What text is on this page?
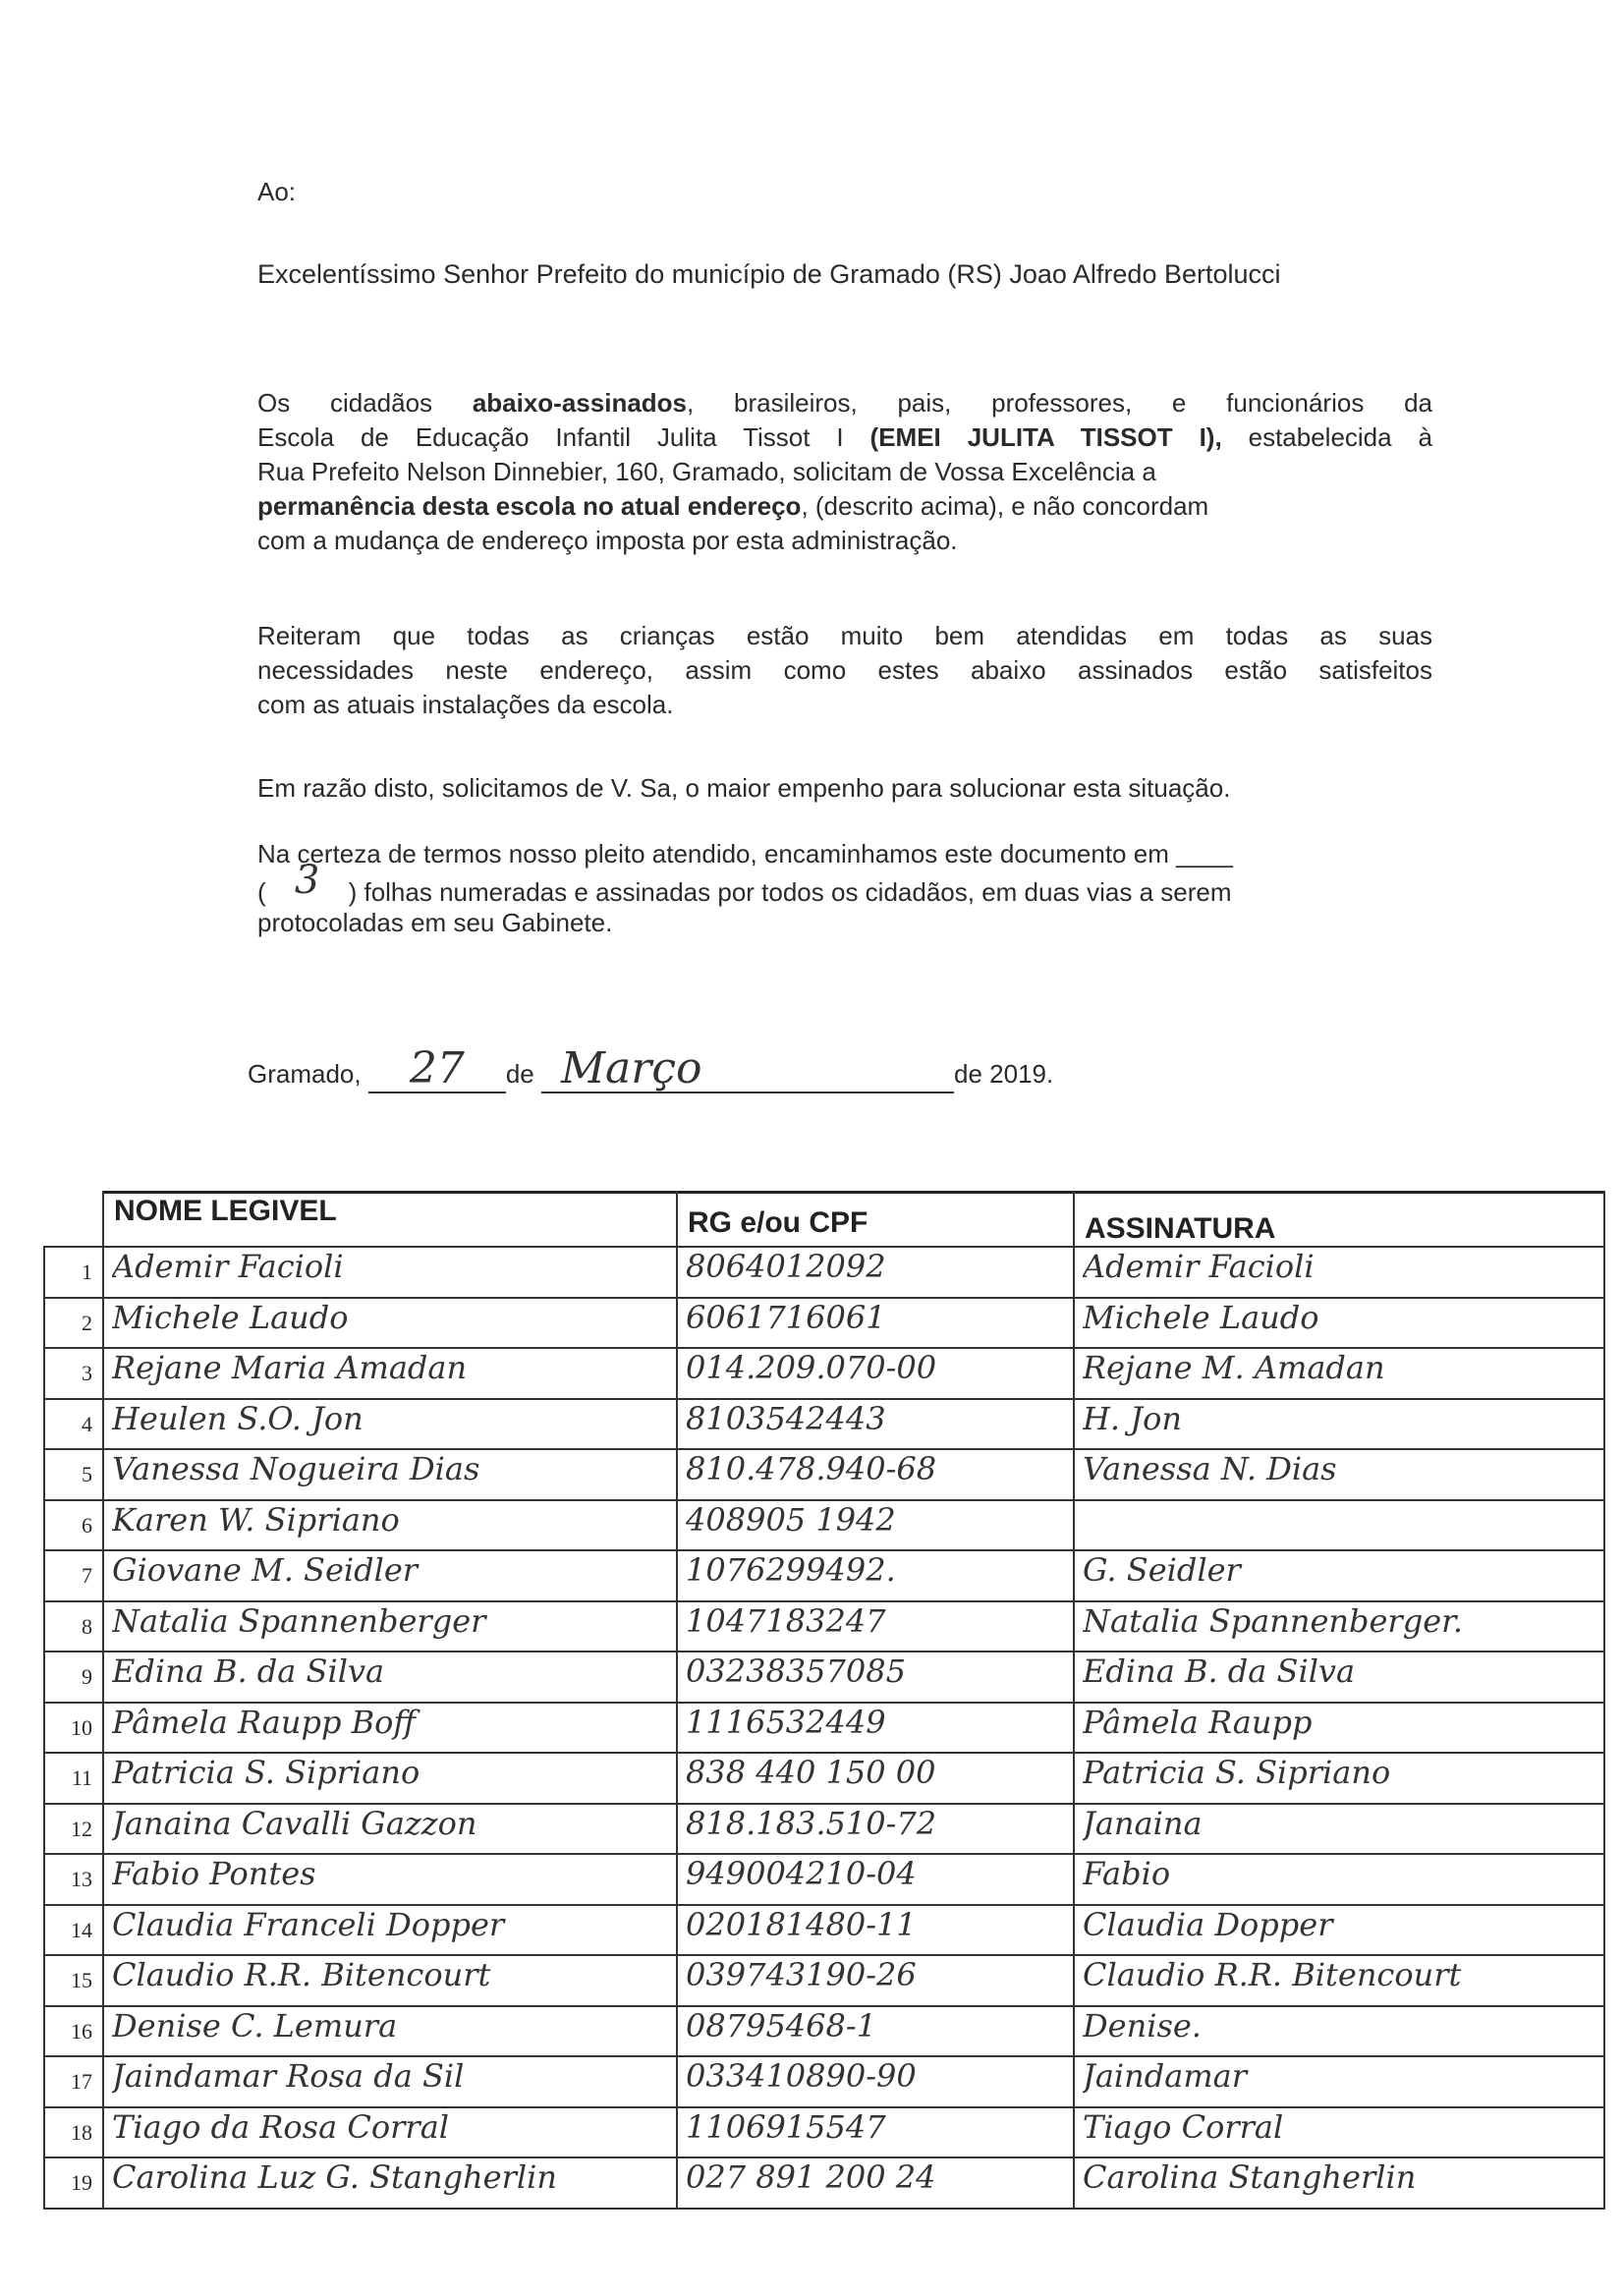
Ao:
Excelentíssimo Senhor Prefeito do município de Gramado (RS) Joao Alfredo Bertolucci
Os cidadãos abaixo-assinados, brasileiros, pais, professores, e funcionários da
Escola de Educação Infantil Julita Tissot I (EMEI JULITA TISSOT I), estabelecida à
Rua Prefeito Nelson Dinnebier, 160, Gramado, solicitam de Vossa Excelência a
permanência desta escola no atual endereço, (descrito acima), e não concordam
com a mudança de endereço imposta por esta administração.
Reiteram que todas as crianças estão muito bem atendidas em todas as suas
necessidades neste endereço, assim como estes abaixo assinados estão satisfeitos
com as atuais instalações da escola.
Em razão disto, solicitamos de V. Sa, o maior empenho para solucionar esta situação.
Na certeza de termos nosso pleito atendido, encaminhamos este documento em ____
( 3 ) folhas numeradas e assinadas por todos os cidadãos, em duas vias a serem
protocoladas em seu Gabinete.
Gramado, 27 de Março	de 2019.
NOME LEGIVEL	RG e/ou CPF	ASSINATURA
1 Ademir Facioli	8064012092	Ademir Facioli
2 Michele Laudo	6061716061	Michele Laudo
3 Rejane Maria Amadan	014.209.070-00	Rejane M. Amadan
4 Heulen S.O. Jon	8103542443	H. Jon
5 Vanessa Nogueira Dias	810.478.940-68	Vanessa N. Dias
6 Karen W. Sipriano	408905 1942
7 Giovane M. Seidler	1076299492.	G. Seidler
8 Natalia Spannenberger	1047183247	Natalia Spannenberger.
9 Edina B. da Silva	03238357085	Edina B. da Silva
10 Pâmela Raupp Boff	1116532449	Pâmela Raupp
11 Patricia S. Sipriano	838 440 150 00	Patricia S. Sipriano
12 Janaina Cavalli Gazzon	818.183.510-72	Janaina
13 Fabio Pontes	949004210-04	Fabio
14 Claudia Franceli Dopper	020181480-11	Claudia Dopper
15 Claudio R.R. Bitencourt	039743190-26	Claudio R.R. Bitencourt
16 Denise C. Lemura	08795468-1	Denise.
17 Jaindamar Rosa da Sil	033410890-90	Jaindamar
18 Tiago da Rosa Corral	1106915547	Tiago Corral
19 Carolina Luz G. Stangherlin	027 891 200 24	Carolina Stangherlin
